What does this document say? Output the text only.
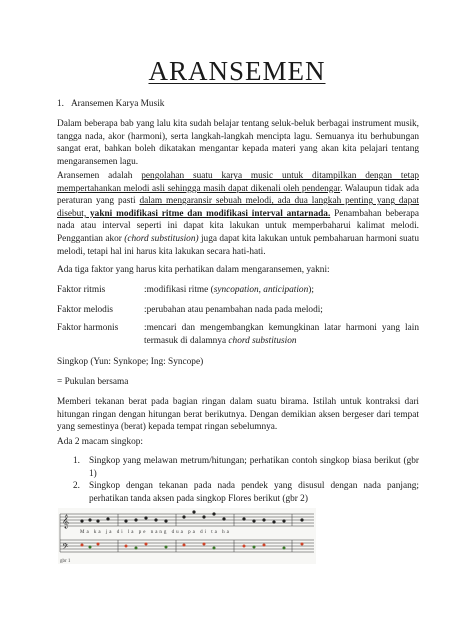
ARANSEMEN
1. Aransemen Karya Musik
Dalam beberapa bab yang lalu kita sudah belajar tentang seluk-beluk berbagai instrument musik, tangga nada, akor (harmoni), serta langkah-langkah mencipta lagu. Semuanya itu berhubungan sangat erat, bahkan boleh dikatakan mengantar kepada materi yang akan kita pelajari tentang mengaransemen lagu.
Aransemen adalah pengolahan suatu karya music untuk ditampilkan dengan tetap mempertahankan melodi asli sehingga masih dapat dikenali oleh pendengar. Walaupun tidak ada peraturan yang pasti dalam mengaransir sebuah melodi, ada dua langkah penting yang dapat disebut, yakni modifikasi ritme dan modifikasi interval antarnada. Penambahan beberapa nada atau interval seperti ini dapat kita lakukan untuk memperbaharui kalimat melodi. Penggantian akor (chord substitusion) juga dapat kita lakukan untuk pembaharuan harmoni suatu melodi, tetapi hal ini harus kita lakukan secara hati-hati.
Ada tiga faktor yang harus kita perhatikan dalam mengaransemen, yakni:
Faktor ritmis	:modifikasi ritme (syncopation, anticipation);
Faktor melodis	:perubahan atau penambahan nada pada melodi;
Faktor harmonis	:mencari dan mengembangkan kemungkinan latar harmoni yang lain termasuk di dalamnya chord substitusion
Singkop (Yun: Synkope; Ing: Syncope)
= Pukulan bersama
Memberi tekanan berat pada bagian ringan dalam suatu birama. Istilah untuk kontraksi dari hitungan ringan dengan hitungan berat berikutnya. Dengan demikian aksen bergeser dari tempat yang semestinya (berat) kepada tempat ringan sebelumnya.
Ada 2 macam singkop:
1. Singkop yang melawan metrum/hitungan; perhatikan contoh singkop biasa berikut (gbr 1)
2. Singkop dengan tekanan pada nada pendek yang disusul dengan nada panjang; perhatikan tanda aksen pada singkop Flores berikut (gbr 2)
𝄞
𝄢
Ma ka ja di la pe nang dua pa di ta ha
gbr 1
